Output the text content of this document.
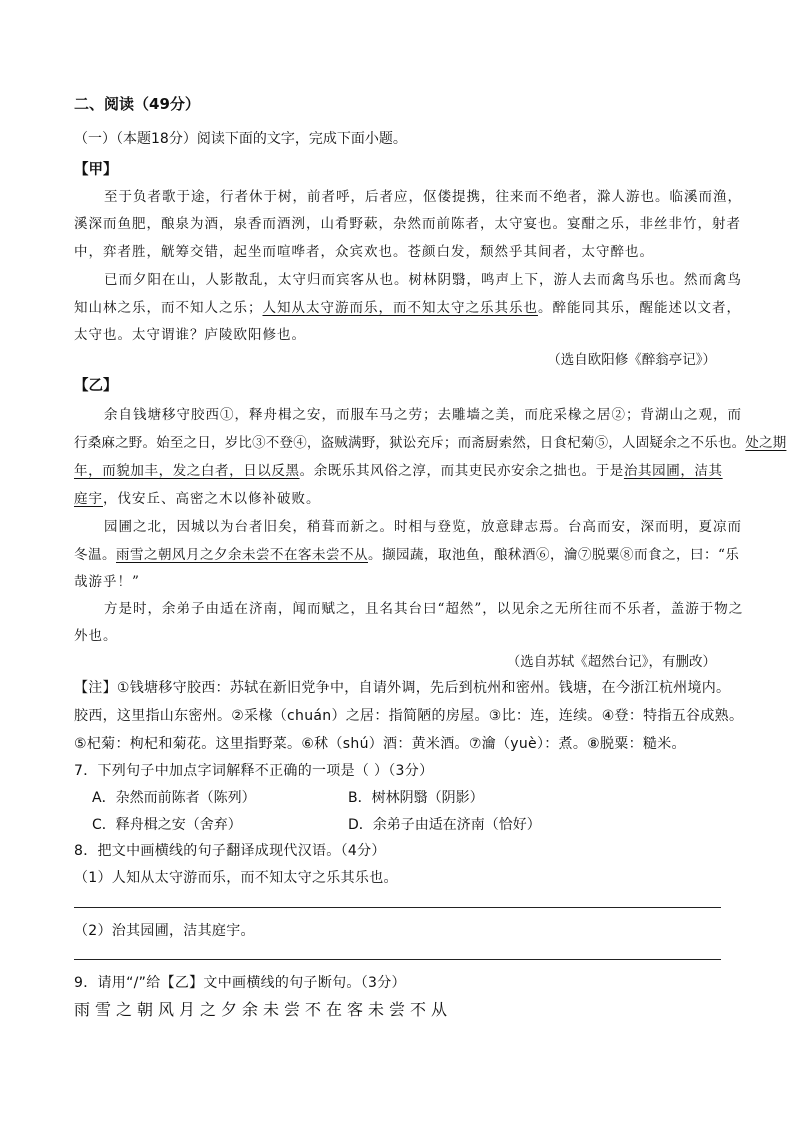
二、阅读（49分）
（一）（本题18分）阅读下面的文字，完成下面小题。
【甲】
至于负者歌于途，行者休于树，前者呼，后者应，伛偻提携，往来而不绝者，滁人游也。临溪而渔，
溪深而鱼肥，酿泉为酒，泉香而酒洌，山肴野蔌，杂然而前陈者，太守宴也。宴酣之乐，非丝非竹，射者
中，弈者胜，觥筹交错，起坐而喧哗者，众宾欢也。苍颜白发，颓然乎其间者，太守醉也。
已而夕阳在山，人影散乱，太守归而宾客从也。树林阴翳，鸣声上下，游人去而禽鸟乐也。然而禽鸟
知山林之乐，而不知人之乐；人知从太守游而乐，而不知太守之乐其乐也。醉能同其乐，醒能述以文者，
太守也。太守谓谁？庐陵欧阳修也。
（选自欧阳修《醉翁亭记》）
【乙】
余自钱塘移守胶西①，释舟楫之安，而服车马之劳；去雕墙之美，而庇采椽之居②；背湖山之观，而
行桑麻之野。始至之日，岁比③不登④，盗贼满野，狱讼充斥；而斋厨索然，日食杞菊⑤，人固疑余之不乐也。处之期
年，而貌加丰，发之白者，日以反黑。余既乐其风俗之淳，而其吏民亦安余之拙也。于是治其园圃，洁其
庭宇，伐安丘、高密之木以修补破败。
园圃之北，因城以为台者旧矣，稍葺而新之。时相与登览，放意肆志焉。台高而安，深而明，夏凉而
冬温。雨雪之朝风月之夕余未尝不在客未尝不从。撷园蔬，取池鱼，酿秫酒⑥，瀹⑦脱粟⑧而食之，曰：“乐
哉游乎！”
方是时，余弟子由适在济南，闻而赋之，且名其台曰“超然”，以见余之无所往而不乐者，盖游于物之
外也。
（选自苏轼《超然台记》，有删改）
【注】①钱塘移守胶西：苏轼在新旧党争中，自请外调，先后到杭州和密州。钱塘，在今浙江杭州境内。
胶西，这里指山东密州。②采椽（chuán）之居：指简陋的房屋。③比：连，连续。④登：特指五谷成熟。
⑤杞菊：枸杞和菊花。这里指野菜。⑥秫（shú）酒：黄米酒。⑦瀹（yuè）：煮。⑧脱粟：糙米。
7．下列句子中加点字词解释不正确的一项是（ ）（3分）
A．杂然而前陈者（陈列）	B．树林阴翳（阴影）
C．释舟楫之安（舍弃）	D．余弟子由适在济南（恰好）
8．把文中画横线的句子翻译成现代汉语。（4分）
（1）人知从太守游而乐，而不知太守之乐其乐也。
（2）治其园圃，洁其庭宇。
9．请用“/”给【乙】文中画横线的句子断句。（3分）
雨雪之朝风月之夕余未尝不在客未尝不从
